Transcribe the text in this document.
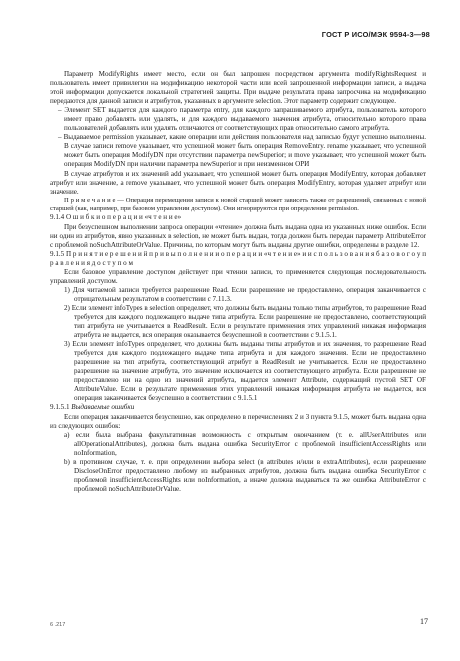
ГОСТ Р ИСО/МЭК 9594-3—98

Параметр ModifyRights имеет место, если он был запрошен посредством аргумента modifyRightsRequest и пользователь имеет привилегии на модификацию некоторой части или всей запрошенной информации записи, а выдача этой информации допускается локальной стратегией защиты. При выдаче результата права запросчика на модификацию передаются для данной записи и атрибутов, указанных в аргументе selection. Этот параметр содержит следующее.

– Элемент SET выдается для каждого параметра entry, для каждого запрашиваемого атрибута, пользователь которого имеет право добавлять или удалять, и для каждого выдаваемого значения атрибута, относительно которого права пользователей добавлять или удалять отличаются от соответствующих прав относительно самого атрибута.

– Выдаваемое permission указывает, какие операции или действия пользователя над записью будут успешно выполнены. В случае записи remove указывает, что успешной может быть операция RemoveEntry. rename указывает, что успешной может быть операция ModifyDN при отсутствии параметра newSuperior; и move указывает, что успешной может быть операция ModifyDN при наличии параметра newSuperior и при неизменном ОРИ

В случае атрибутов и их значений add указывает, что успешной может быть операция ModifyEntry, которая добавляет атрибут или значение, а remove указывает, что успешной может быть операция ModifyEntry, которая удаляет атрибут или значение.

П р и м е ч а н и е — Операция перемещения записи к новой старшей может зависеть также от разрешений, связанных с новой старшей (как, например, при базовом управлении доступом). Они игнорируются при определении permission.

9.1.4 О ш и б к и о п е р а ц и и «ч т е н и е»

При безуспешном выполнении запроса операции «чтение» должна быть выдана одна из указанных ниже ошибок. Если ни один из атрибутов, явно указанных в selection, не может быть выдан, тогда должен быть передан параметр AttributeError с проблемой noSuchAttributeOrValue. Причины, по которым могут быть выданы другие ошибки, определены в разделе 12.

9.1.5 П р и н я т и е р е ш е н и й п р и в ы п о л н е н и и о п е р а ц и и «ч т е н и е» и и с п о л ь з о в а н и я б а з о в о г о у п р а в л е н и я д о с т у п о м

Если базовое управление доступом действует при чтении записи, то применяется следующая последовательность управлений доступом.

1) Для читаемой записи требуется разрешение Read. Если разрешение не предоставлено, операция заканчивается с отрицательным результатом в соответствии с 7.11.3.

2) Если элемент infoTypes в selection определяет, что должны быть выданы только типы атрибутов, то разрешение Read требуется для каждого подлежащего выдаче типа атрибута. Если разрешение не предоставлено, соответствующий тип атрибута не учитывается в ReadResult. Если в результате применения этих управлений никакая информация атрибута не выдается, вся операция оказывается безуспешной в соответствии с 9.1.5.1.

3) Если элемент infoTypes определяет, что должны быть выданы типы атрибутов и их значения, то разрешение Read требуется для каждого подлежащего выдаче типа атрибута и для каждого значения. Если не предоставлено разрешение на тип атрибута, соответствующий атрибут в ReadResult не учитывается. Если не предоставлено разрешение на значение атрибута, это значение исключается из соответствующего атрибута. Если разрешение не предоставлено ни на одно из значений атрибута, выдается элемент Attribute, содержащий пустой SET OF AttributeValue. Если в результате применения этих управлений никакая информация атрибута не выдается, вся операция заканчивается безуспешно в соответствии с 9.1.5.1

9.1.5.1 Выдаваемые ошибки

Если операция заканчивается безуспешно, как определено в перечислениях 2 и 3 пункта 9.1.5, может быть выдана одна из следующих ошибок:

a) если была выбрана факультативная возможность с открытым окончанием (т. е. allUserAttributes или allOperationalAttributes), должна быть выдана ошибка SecurityError с проблемой insufficientAccessRights или noInformation,

b) в противном случае, т. е. при определении выбора select (в attributes и/или в extraAttributes), если разрешение DiscloseOnError предоставлено любому из выбранных атрибутов, должна быть выдана ошибка SecurityError с проблемой insufficientAccessRights или noInformation, а иначе должна выдаваться та же ошибка AttributeError с проблемой noSuchAttributeOrValue.

6 .217	17
